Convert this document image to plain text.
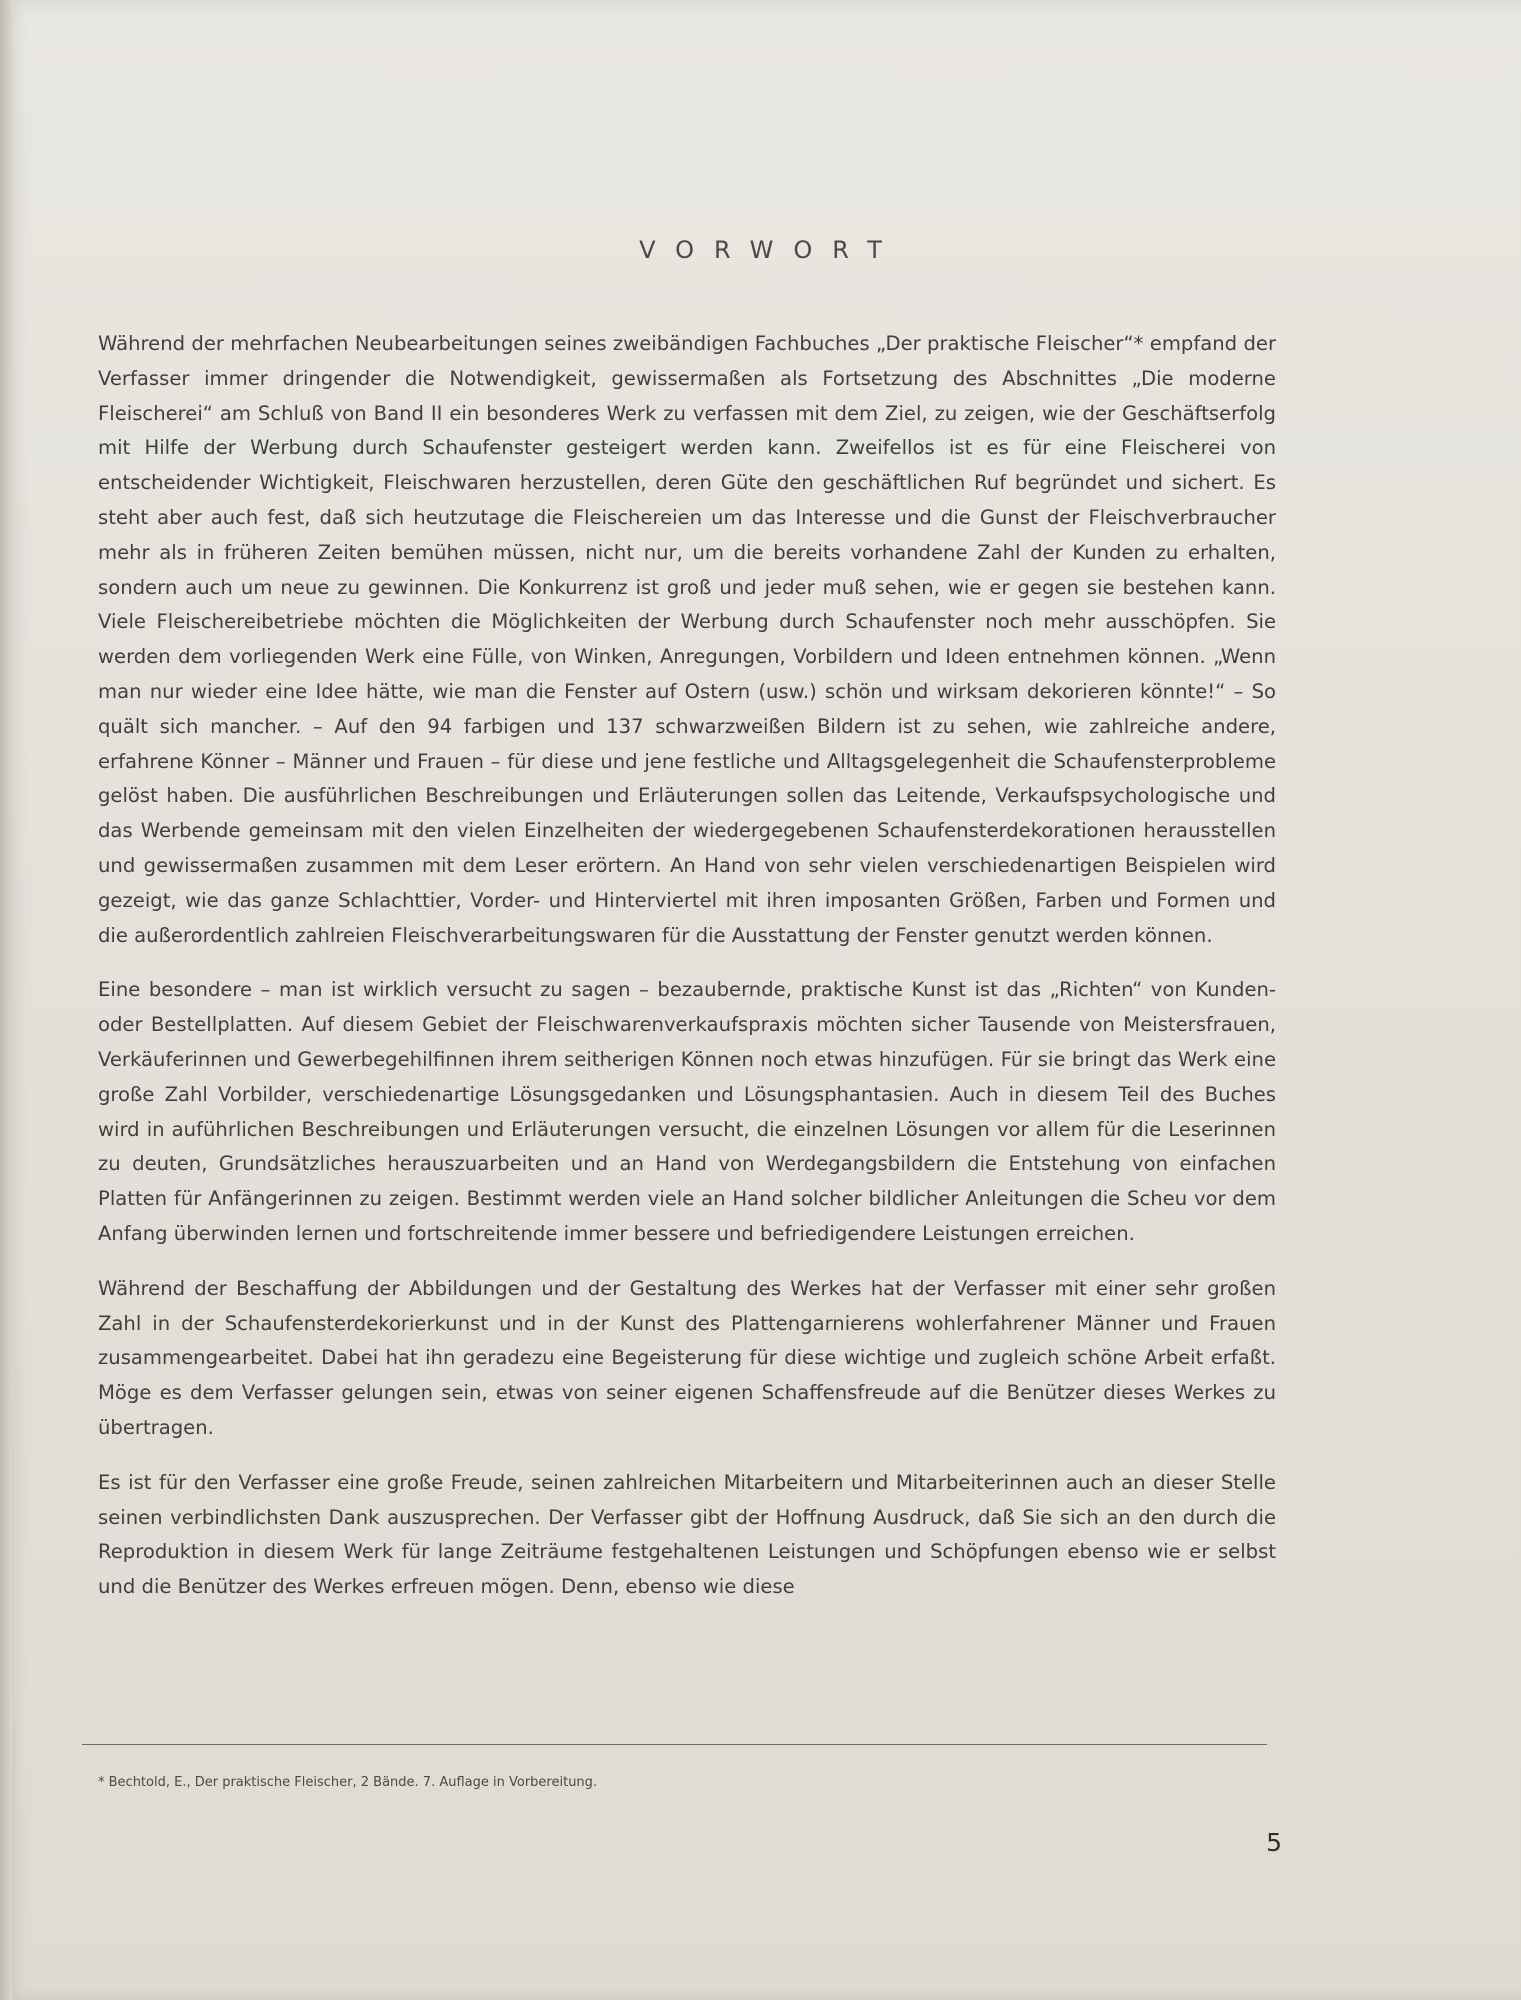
VORWORT

Während der mehrfachen Neubearbeitungen seines zweibändigen Fachbuches „Der praktische Fleischer“* empfand der Verfasser immer dringender die Notwendigkeit, gewissermaßen als Fortsetzung des Abschnittes „Die moderne Fleischerei“ am Schluß von Band II ein besonderes Werk zu verfassen mit dem Ziel, zu zeigen, wie der Geschäftserfolg mit Hilfe der Werbung durch Schaufenster gesteigert werden kann. Zweifellos ist es für eine Fleischerei von entscheidender Wichtigkeit, Fleischwaren herzustellen, deren Güte den geschäftlichen Ruf begründet und sichert. Es steht aber auch fest, daß sich heutzutage die Fleischereien um das Interesse und die Gunst der Fleischverbraucher mehr als in früheren Zeiten bemühen müssen, nicht nur, um die bereits vorhandene Zahl der Kunden zu erhalten, sondern auch um neue zu gewinnen. Die Konkurrenz ist groß und jeder muß sehen, wie er gegen sie bestehen kann. Viele Fleischereibetriebe möchten die Möglichkeiten der Werbung durch Schaufenster noch mehr ausschöpfen. Sie werden dem vorliegenden Werk eine Fülle, von Winken, Anregungen, Vorbildern und Ideen entnehmen können. „Wenn man nur wieder eine Idee hätte, wie man die Fenster auf Ostern (usw.) schön und wirksam dekorieren könnte!“ – So quält sich mancher. – Auf den 94 farbigen und 137 schwarzweißen Bildern ist zu sehen, wie zahlreiche andere, erfahrene Könner – Männer und Frauen – für diese und jene festliche und Alltagsgelegenheit die Schaufensterprobleme gelöst haben. Die ausführlichen Beschreibungen und Erläuterungen sollen das Leitende, Verkaufspsychologische und das Werbende gemeinsam mit den vielen Einzelheiten der wiedergegebenen Schaufensterdekorationen herausstellen und gewissermaßen zusammen mit dem Leser erörtern. An Hand von sehr vielen verschiedenartigen Beispielen wird gezeigt, wie das ganze Schlachttier, Vorder- und Hinterviertel mit ihren imposanten Größen, Farben und Formen und die außerordentlich zahlreien Fleischverarbeitungswaren für die Ausstattung der Fenster genutzt werden können.

Eine besondere – man ist wirklich versucht zu sagen – bezaubernde, praktische Kunst ist das „Richten“ von Kunden- oder Bestellplatten. Auf diesem Gebiet der Fleischwarenverkaufspraxis möchten sicher Tausende von Meistersfrauen, Verkäuferinnen und Gewerbegehilfinnen ihrem seitherigen Können noch etwas hinzufügen. Für sie bringt das Werk eine große Zahl Vorbilder, verschiedenartige Lösungsgedanken und Lösungsphantasien. Auch in diesem Teil des Buches wird in auführlichen Beschreibungen und Erläuterungen versucht, die einzelnen Lösungen vor allem für die Leserinnen zu deuten, Grundsätzliches herauszuarbeiten und an Hand von Werdegangsbildern die Entstehung von einfachen Platten für Anfängerinnen zu zeigen. Bestimmt werden viele an Hand solcher bildlicher Anleitungen die Scheu vor dem Anfang überwinden lernen und fortschreitende immer bessere und befriedigendere Leistungen erreichen.

Während der Beschaffung der Abbildungen und der Gestaltung des Werkes hat der Verfasser mit einer sehr großen Zahl in der Schaufensterdekorierkunst und in der Kunst des Plattengarnierens wohlerfahrener Männer und Frauen zusammengearbeitet. Dabei hat ihn geradezu eine Begeisterung für diese wichtige und zugleich schöne Arbeit erfaßt. Möge es dem Verfasser gelungen sein, etwas von seiner eigenen Schaffensfreude auf die Benützer dieses Werkes zu übertragen.

Es ist für den Verfasser eine große Freude, seinen zahlreichen Mitarbeitern und Mitarbeiterinnen auch an dieser Stelle seinen verbindlichsten Dank auszusprechen. Der Verfasser gibt der Hoffnung Ausdruck, daß Sie sich an den durch die Reproduktion in diesem Werk für lange Zeiträume festgehaltenen Leistungen und Schöpfungen ebenso wie er selbst und die Benützer des Werkes erfreuen mögen. Denn, ebenso wie diese

* Bechtold, E., Der praktische Fleischer, 2 Bände. 7. Auflage in Vorbereitung.
5
